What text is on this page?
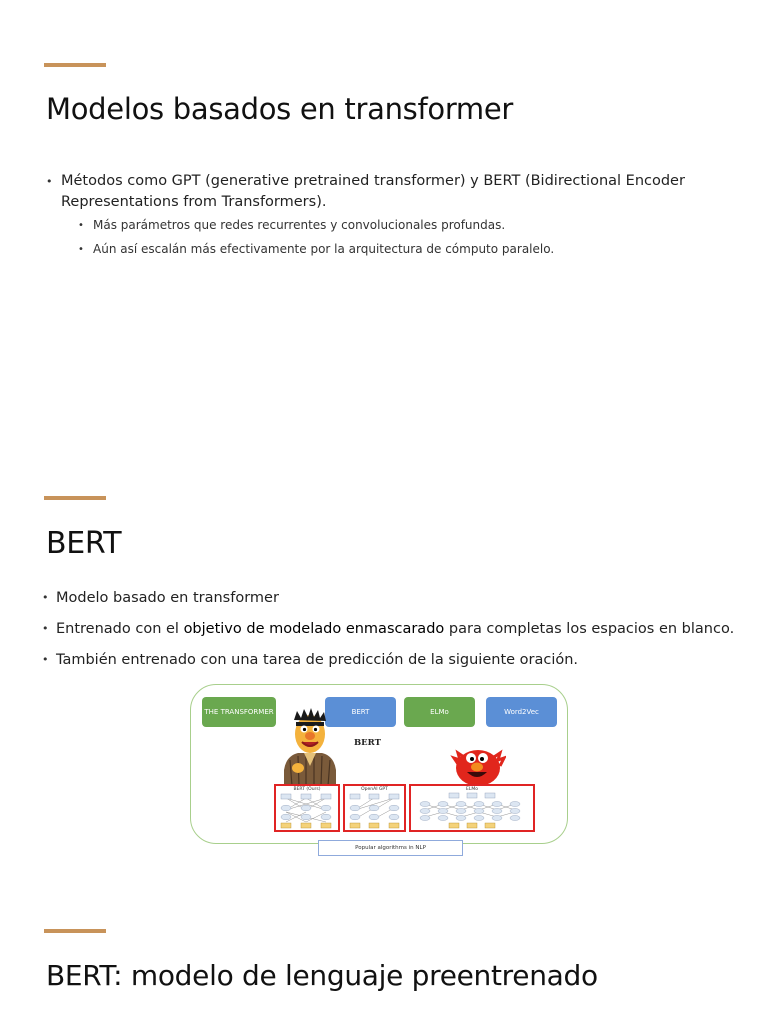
Modelos basados en transformer
• Métodos como GPT (generative pretrained transformer) y BERT (Bidirectional Encoder Representations from Transformers).
• Más parámetros que redes recurrentes y convolucionales profundas.
• Aún así escalán más efectivamente por la arquitectura de cómputo paralelo.
BERT
• Modelo basado en transformer
• Entrenado con el objetivo de modelado enmascarado para completas los espacios en blanco.
• También entrenado con una tarea de predicción de la siguiente oración.
THE TRANSFORMER	BERT	ELMo	Word2Vec
BERT
BERT (Ours)	OpenAI GPT	ELMo
Popular algorithms in NLP
BERT: modelo de lenguaje preentrenado
